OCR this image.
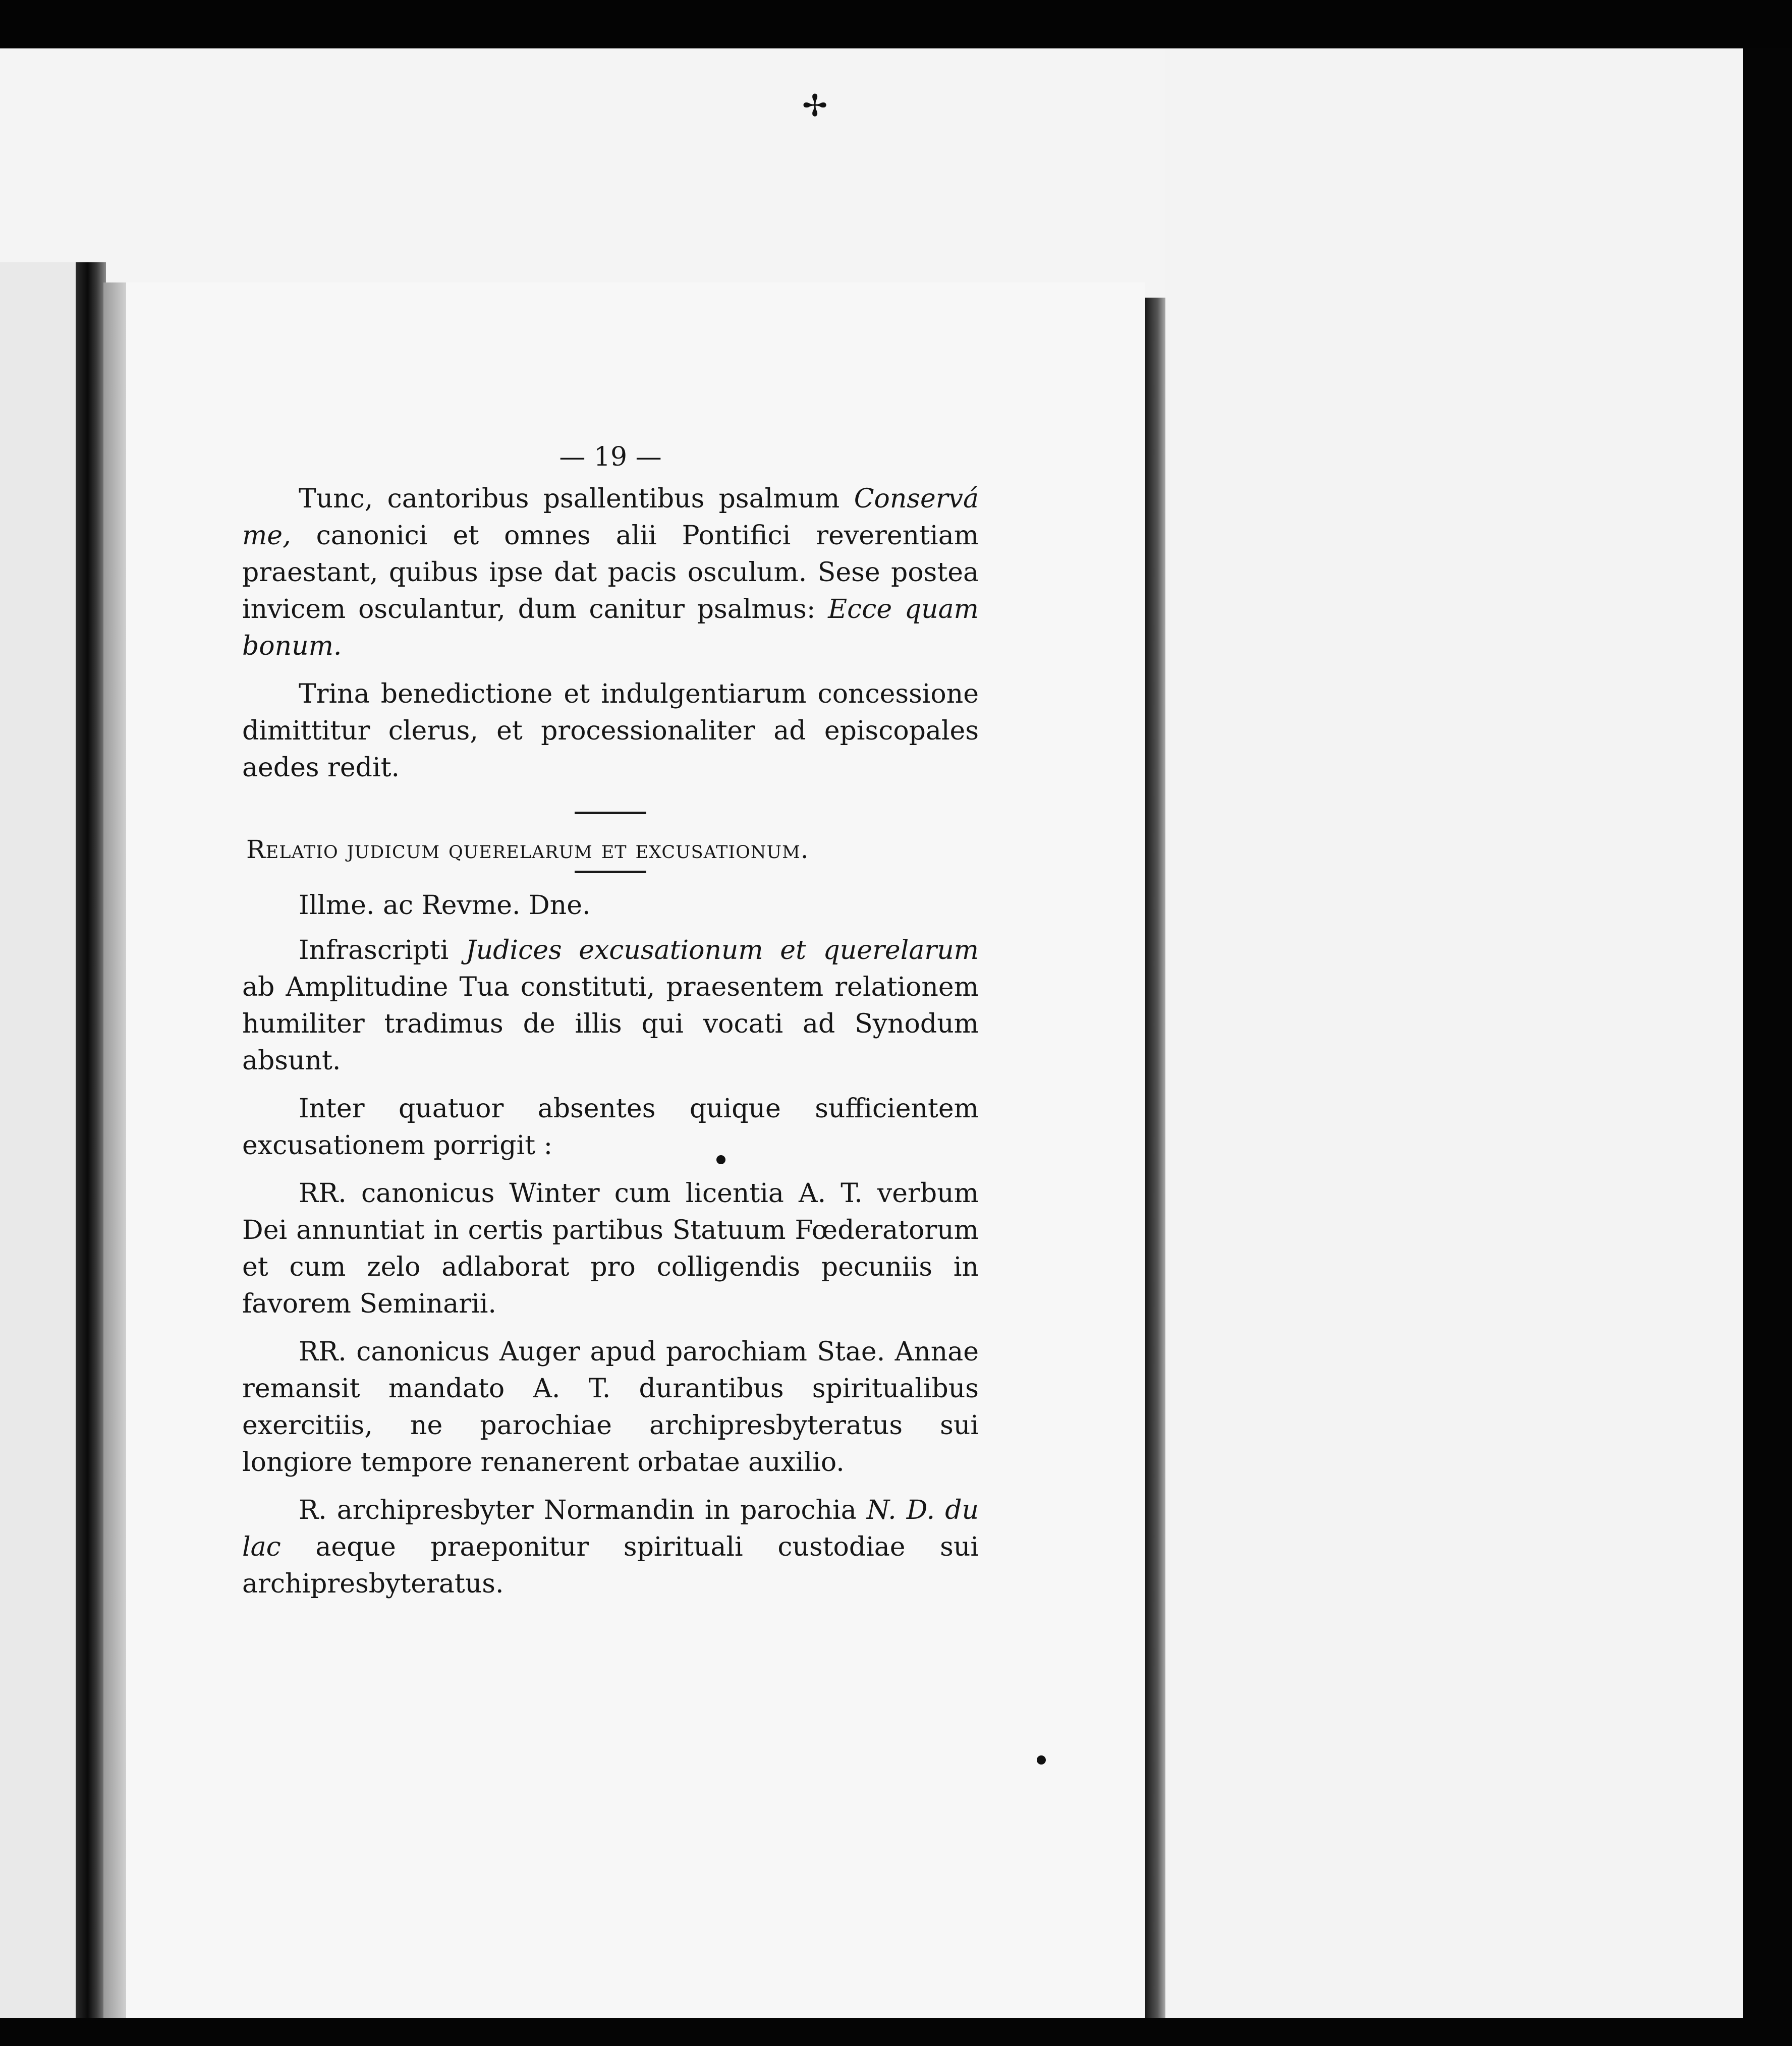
✢
— 19 —

Tunc, cantoribus psallentibus psalmum Conservá me, canonici et omnes alii Pontifici reverentiam praestant, quibus ipse dat pacis osculum. Sese postea invicem osculantur, dum canitur psalmus: Ecce quam bonum.

Trina benedictione et indulgentiarum concessione dimittitur clerus, et processionaliter ad episcopales aedes redit.

Relatio judicum querelarum et excusationum.
Illme. ac Revme. Dne.

Infrascripti Judices excusationum et querelarum ab Amplitudine Tua constituti, praesentem relationem humiliter tradimus de illis qui vocati ad Synodum absunt.

Inter quatuor absentes quique sufficientem excusationem porrigit :

RR. canonicus Winter cum licentia A. T. verbum Dei annuntiat in certis partibus Statuum Fœderatorum et cum zelo adlaborat pro colligendis pecuniis in favorem Seminarii.

RR. canonicus Auger apud parochiam Stae. Annae remansit mandato A. T. durantibus spiritualibus exercitiis, ne parochiae archipresbyteratus sui longiore tempore renanerent orbatae auxilio.

R. archipresbyter Normandin in parochia N. D. du lac aeque praeponitur spirituali custodiae sui archipresbyteratus.
